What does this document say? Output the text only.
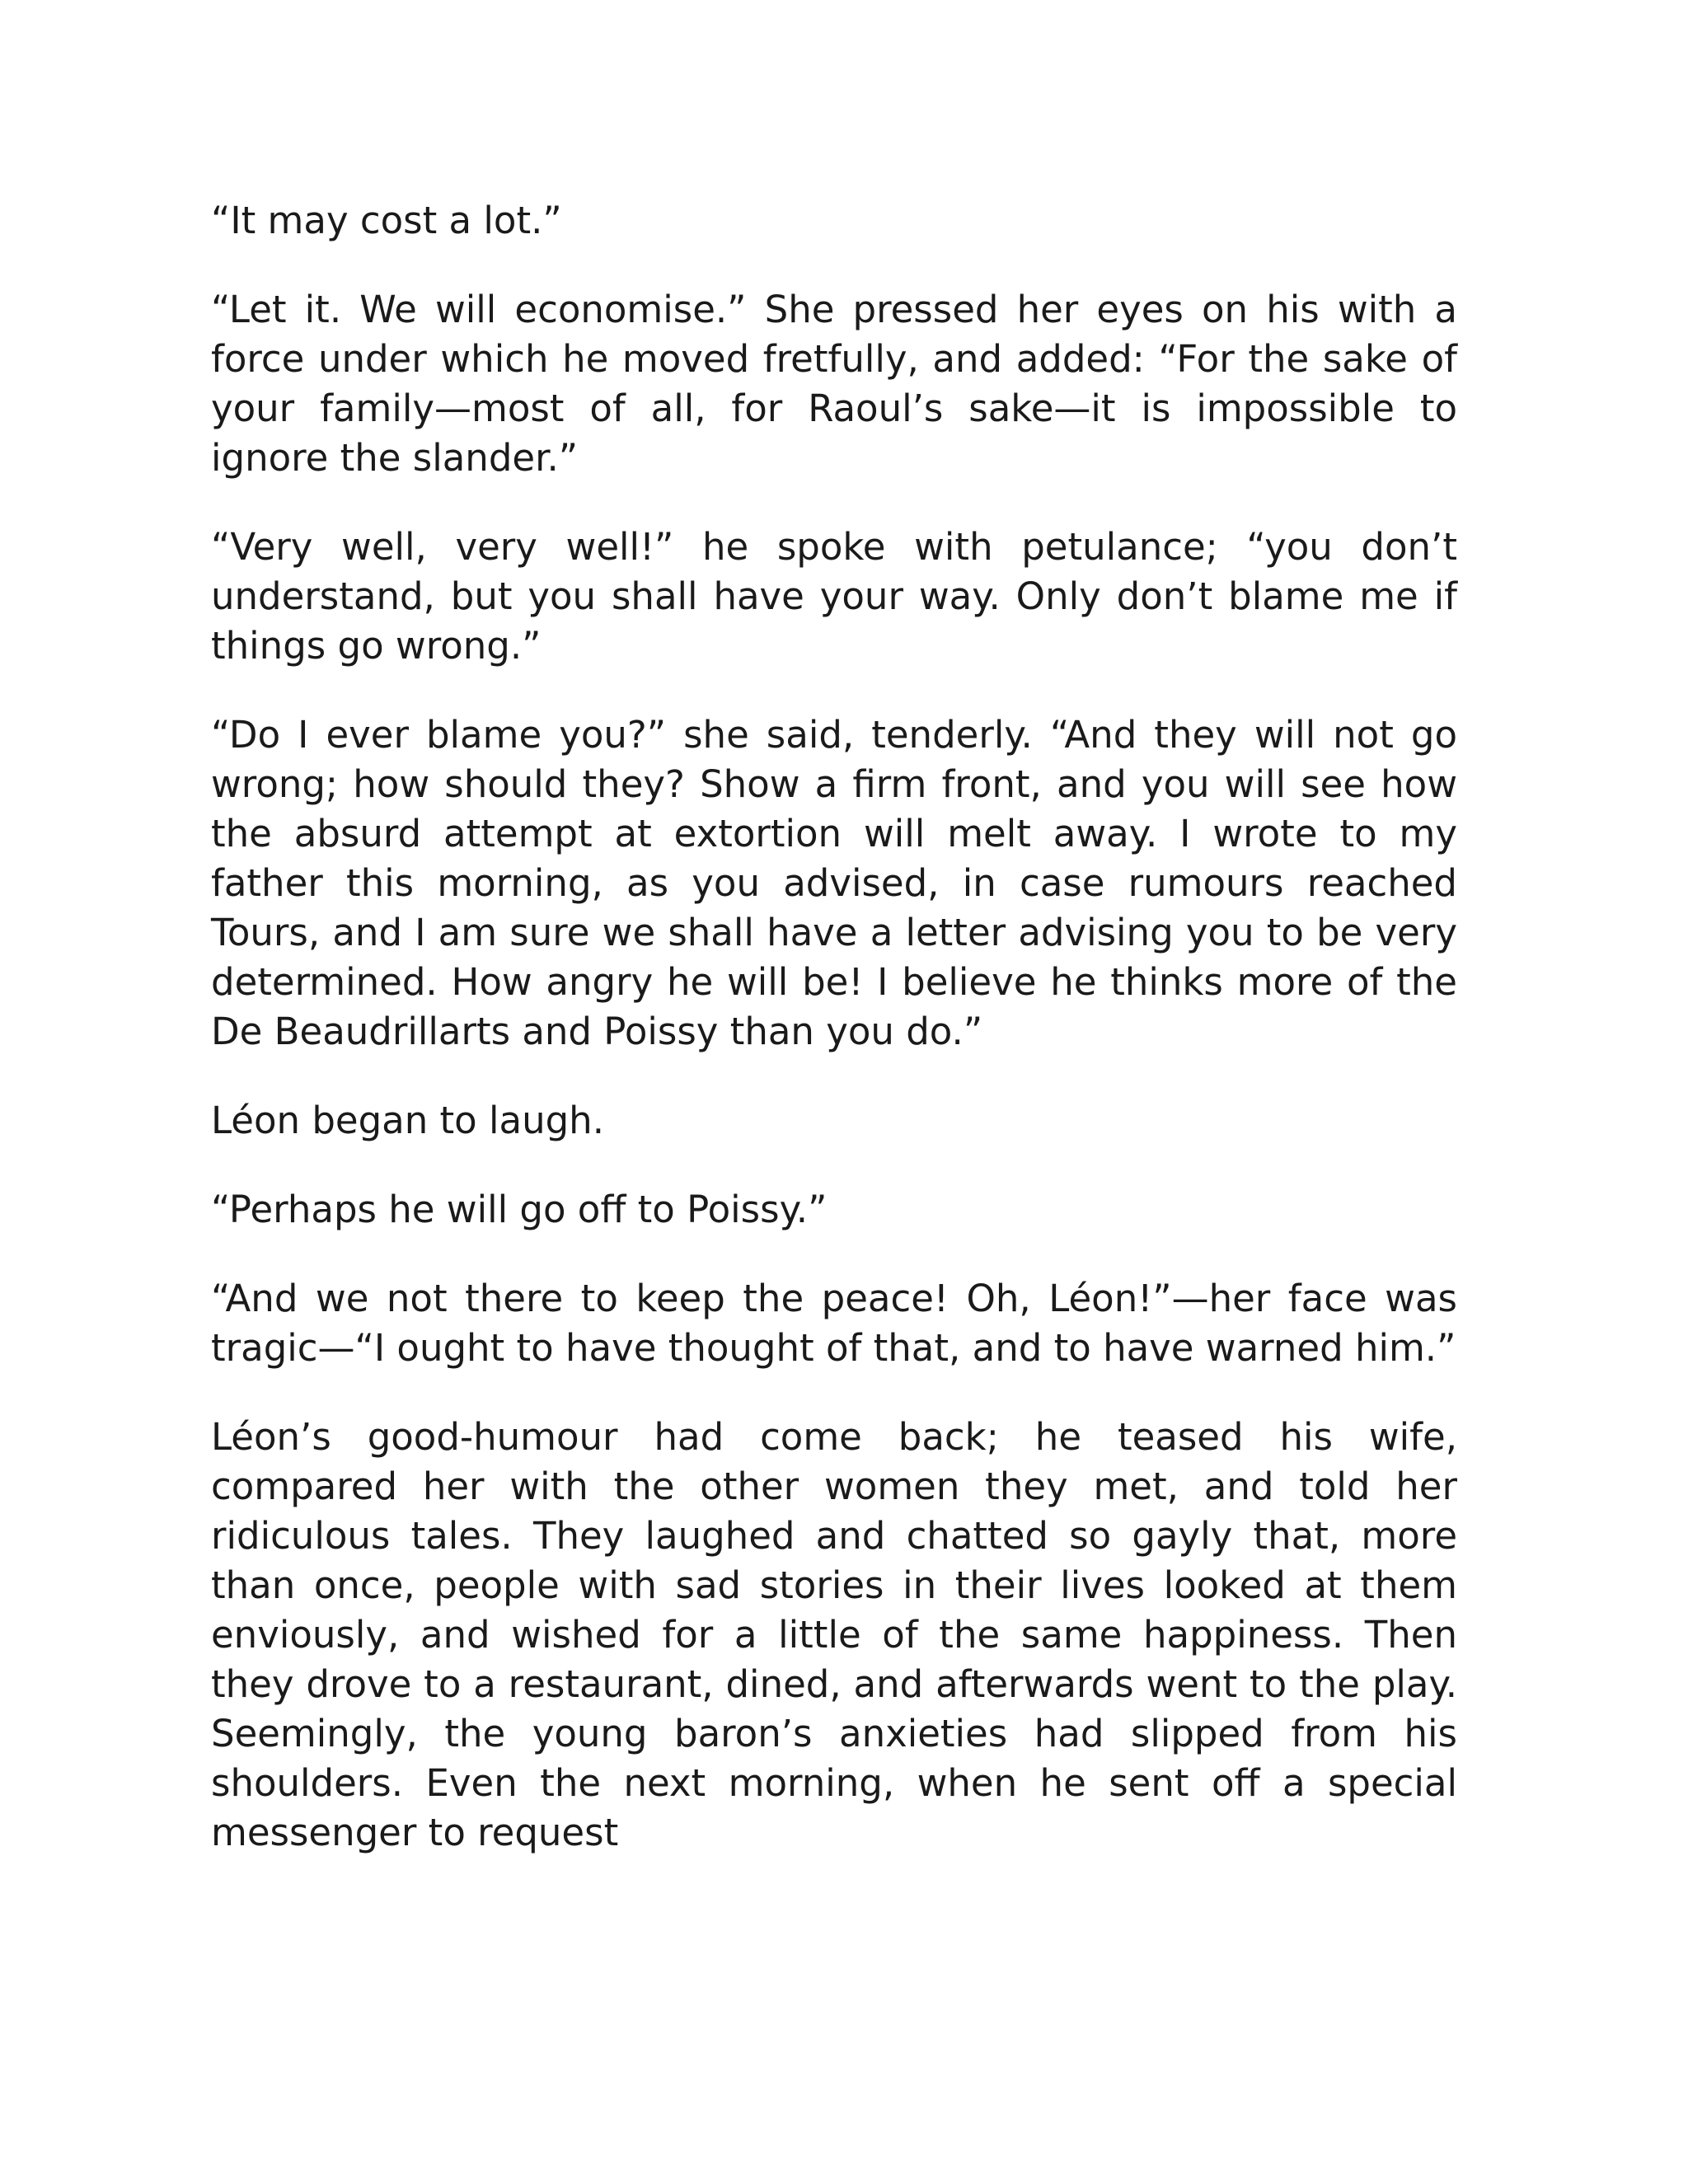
“It may cost a lot.”

“Let it. We will economise.” She pressed her eyes on his with a force under which he moved fretfully, and added: “For the sake of your family—most of all, for Raoul’s sake—it is impossible to ignore the slander.”

“Very well, very well!” he spoke with petulance; “you don’t understand, but you shall have your way. Only don’t blame me if things go wrong.”

“Do I ever blame you?” she said, tenderly. “And they will not go wrong; how should they? Show a firm front, and you will see how the absurd attempt at extortion will melt away. I wrote to my father this morning, as you advised, in case rumours reached Tours, and I am sure we shall have a letter advising you to be very determined. How angry he will be! I believe he thinks more of the De Beaudrillarts and Poissy than you do.”

Léon began to laugh.

“Perhaps he will go off to Poissy.”

“And we not there to keep the peace! Oh, Léon!”—her face was tragic—“I ought to have thought of that, and to have warned him.”

Léon’s good-humour had come back; he teased his wife, compared her with the other women they met, and told her ridiculous tales. They laughed and chatted so gayly that, more than once, people with sad stories in their lives looked at them enviously, and wished for a little of the same happiness. Then they drove to a restaurant, dined, and afterwards went to the play. Seemingly, the young baron’s anxieties had slipped from his shoulders. Even the next morning, when he sent off a special messenger to request
